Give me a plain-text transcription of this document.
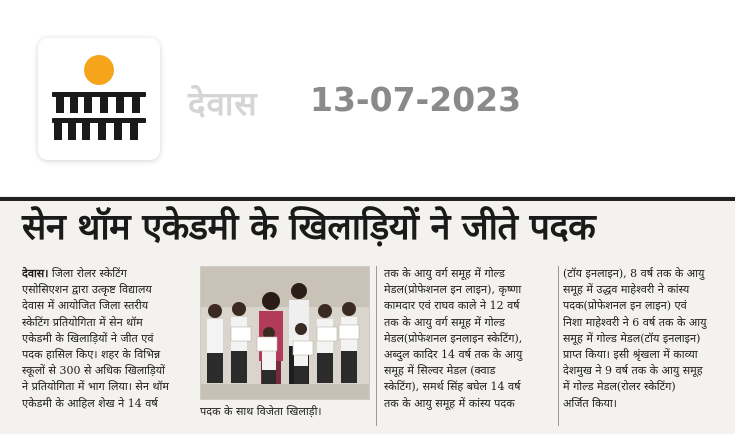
देवास 13-07-2023
सेन थॉम एकेडमी के खिलाड़ियों ने जीते पदक
देवास। जिला रोलर स्केटिंग
एसोसिएशन द्वारा उत्कृष्ट विद्यालय
देवास में आयोजित जिला स्तरीय
स्केटिंग प्रतियोगिता में सेन थॉम
एकेडमी के खिलाड़ियों ने जीत एवं
पदक हासिल किए। शहर के विभिन्न
स्कूलों से 300 से अधिक खिलाड़ियों
ने प्रतियोगिता में भाग लिया। सेन थॉम
एकेडमी के आहिल शेख ने 14 वर्ष
पदक के साथ विजेता खिलाड़ी।
तक के आयु वर्ग समूह में गोल्ड
मेडल(प्रोफेशनल इन लाइन), कृष्णा
कामदार एवं राघव काले ने 12 वर्ष
तक के आयु वर्ग समूह में गोल्ड
मेडल(प्रोफेशनल इनलाइन स्केटिंग),
अब्दुल कादिर 14 वर्ष तक के आयु
समूह में सिल्वर मेडल (क्वाड
स्केटिंग), समर्थ सिंह बघेल 14 वर्ष
तक के आयु समूह में कांस्य पदक
(टॉय इनलाइन), 8 वर्ष तक के आयु
समूह में उद्धव माहेश्वरी ने कांस्य
पदक(प्रोफेशनल इन लाइन) एवं
निशा माहेश्वरी ने 6 वर्ष तक के आयु
समूह में गोल्ड मेडल(टॉय इनलाइन)
प्राप्त किया। इसी श्रृंखला में काव्या
देशमुख ने 9 वर्ष तक के आयु समूह
में गोल्ड मेडल(रोलर स्केटिंग)
अर्जित किया।
